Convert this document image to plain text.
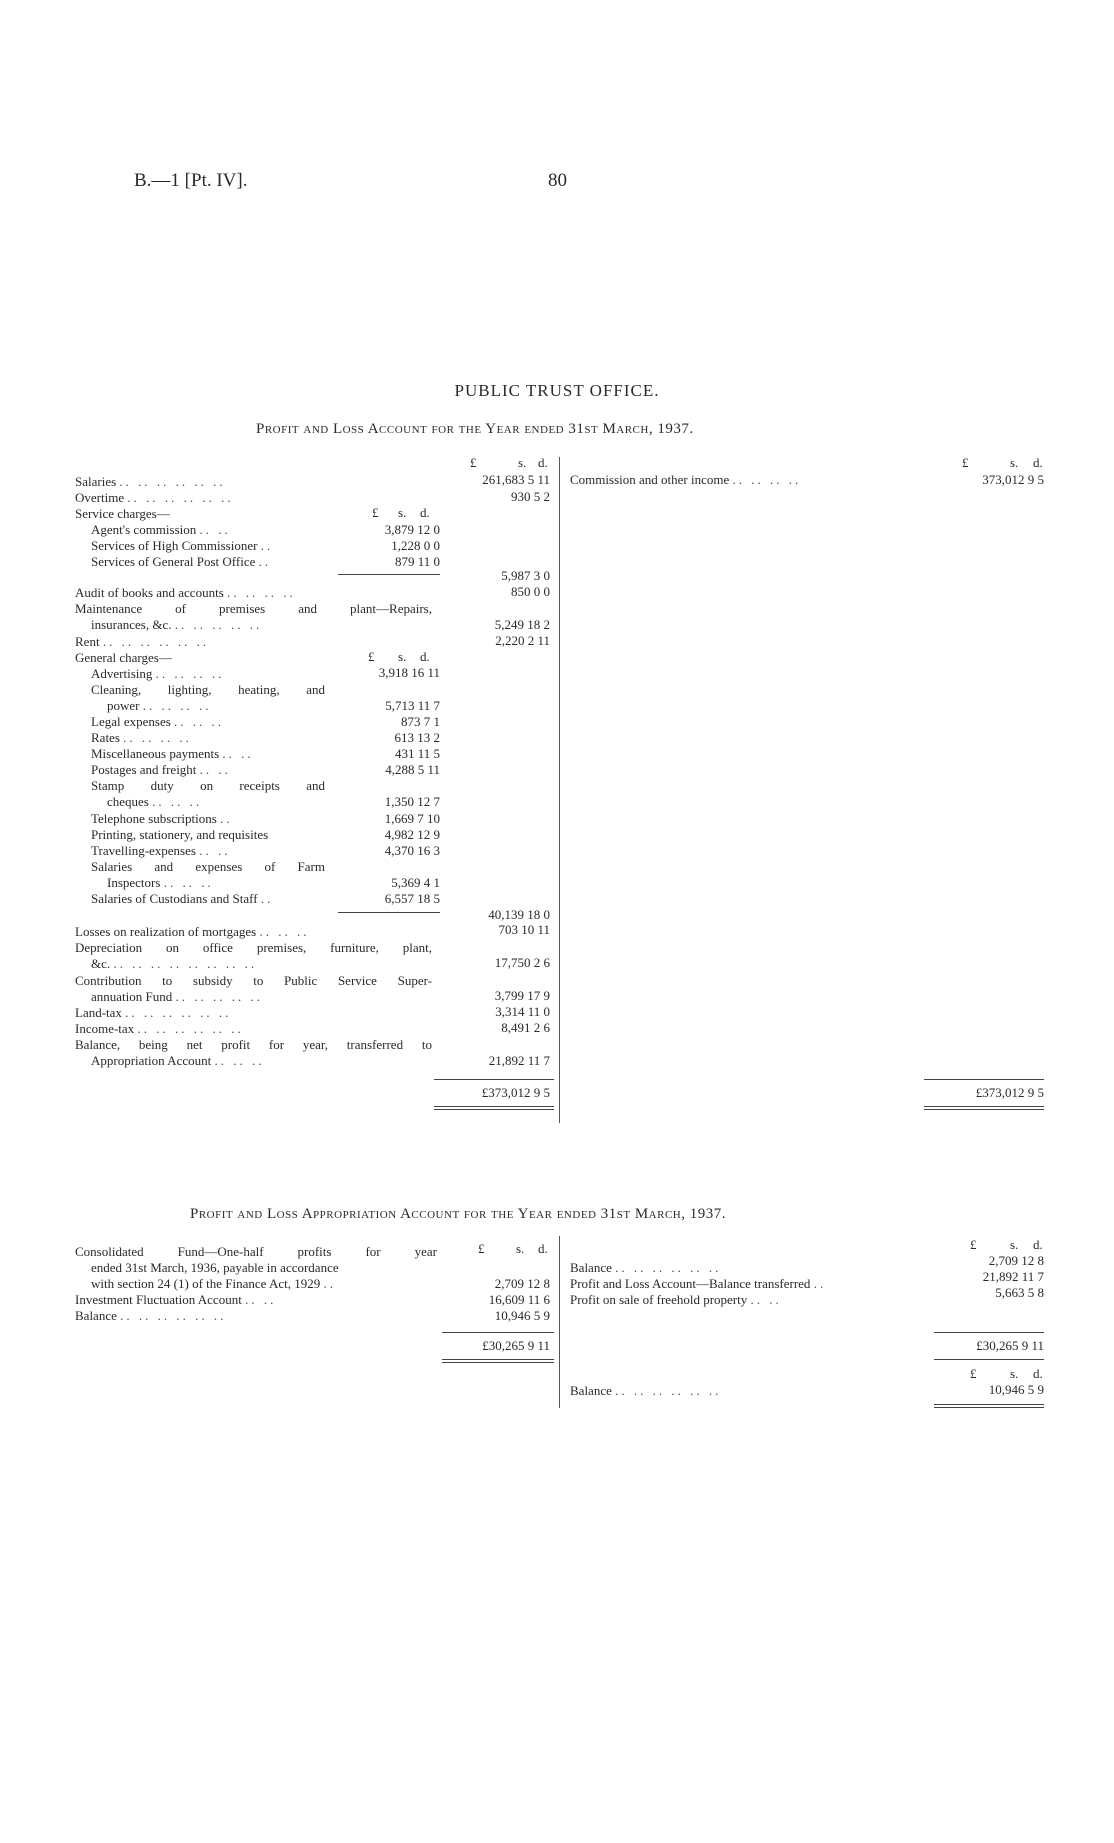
B.—1 [Pt. IV].	80
PUBLIC TRUST OFFICE.
Profit and Loss Account for the Year ended 31st March, 1937.
£	s. d.	£	s. d.
Salaries .. .. .. .. .. ..	261,683 5 11
Overtime .. .. .. .. .. ..	930 5 2
Service charges—	£ s. d.
Agent's commission .. ..	3,879 12 0
Services of High Commissioner ..	1,228 0 0
Services of General Post Office ..	879 11 0
5,987 3 0
Audit of books and accounts .. .. .. ..	850 0 0
Maintenance of premises and plant—Repairs,
insurances, &c. .. .. .. .. ..	5,249 18 2
Rent .. .. .. .. .. ..	2,220 2 11
General charges—	£ s. d.
Advertising .. .. .. ..	3,918 16 11
Cleaning, lighting, heating, and
power .. .. .. ..	5,713 11 7
Legal expenses .. .. ..	873 7 1
Rates .. .. .. ..	613 13 2
Miscellaneous payments .. ..	431 11 5
Postages and freight .. ..	4,288 5 11
Stamp duty on receipts and
cheques .. .. ..	1,350 12 7
Telephone subscriptions ..	1,669 7 10
Printing, stationery, and requisites	4,982 12 9
Travelling-expenses .. ..	4,370 16 3
Salaries and expenses of Farm
Inspectors .. .. ..	5,369 4 1
Salaries of Custodians and Staff ..	6,557 18 5
40,139 18 0
Losses on realization of mortgages .. .. ..	703 10 11
Depreciation on office premises, furniture, plant,
&c. .. .. .. .. .. .. .. ..	17,750 2 6
Contribution to subsidy to Public Service Super-
annuation Fund .. .. .. .. ..	3,799 17 9
Land-tax .. .. .. .. .. ..	3,314 11 0
Income-tax .. .. .. .. .. ..	8,491 2 6
Balance, being net profit for year, transferred to
Appropriation Account .. .. ..	21,892 11 7
£373,012 9 5
Commission and other income .. .. .. ..	373,012 9 5
£373,012 9 5
Profit and Loss Appropriation Account for the Year ended 31st March, 1937.
£ s. d.	£	s. d.
Consolidated Fund—One-half profits for year
ended 31st March, 1936, payable in accordance
with section 24 (1) of the Finance Act, 1929 ..	2,709 12 8
Investment Fluctuation Account .. ..	16,609 11 6
Balance .. .. .. .. .. ..	10,946 5 9
£30,265 9 11
Balance .. .. .. .. .. ..	2,709 12 8
Profit and Loss Account—Balance transferred ..	21,892 11 7
Profit on sale of freehold property .. ..	5,663 5 8
£30,265 9 11
£	s. d.
Balance .. .. .. .. .. ..	10,946 5 9
